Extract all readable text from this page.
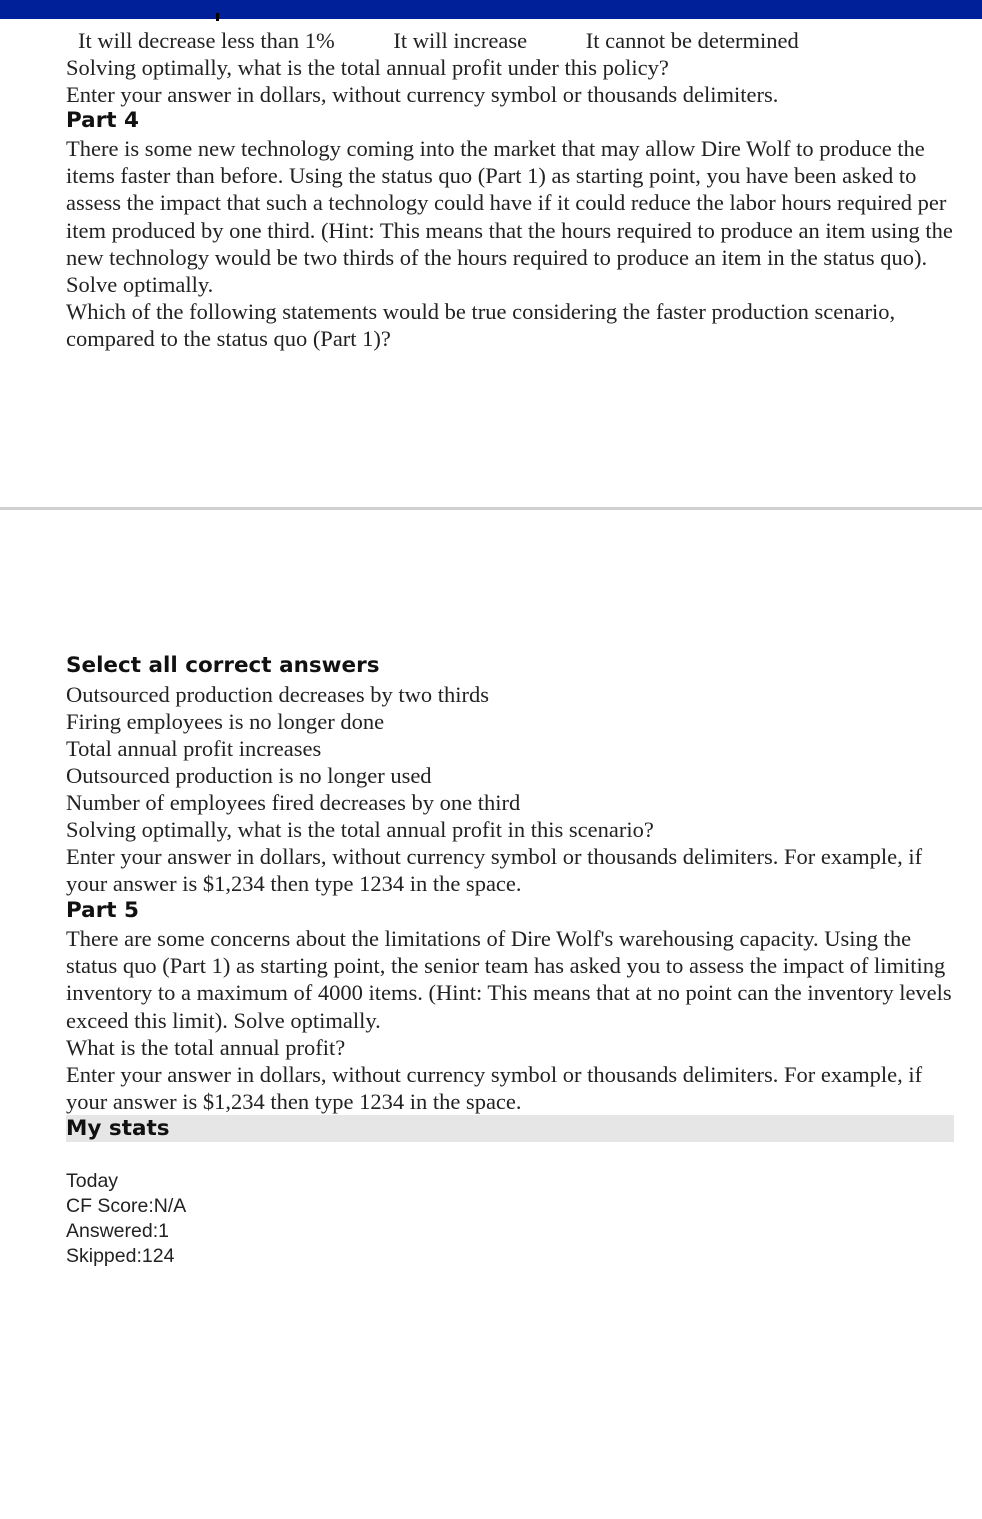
It will decrease less than 1%	It will increase	It cannot be determined
Solving optimally, what is the total annual profit under this policy?
Enter your answer in dollars, without currency symbol or thousands delimiters.
Part 4
There is some new technology coming into the market that may allow Dire Wolf to produce the items faster than before. Using the status quo (Part 1) as starting point, you have been asked to assess the impact that such a technology could have if it could reduce the labor hours required per item produced by one third. (Hint: This means that the hours required to produce an item using the new technology would be two thirds of the hours required to produce an item in the status quo). Solve optimally.
Which of the following statements would be true considering the faster production scenario, compared to the status quo (Part 1)?
Select all correct answers
Outsourced production decreases by two thirds
Firing employees is no longer done
Total annual profit increases
Outsourced production is no longer used
Number of employees fired decreases by one third
Solving optimally, what is the total annual profit in this scenario?
Enter your answer in dollars, without currency symbol or thousands delimiters. For example, if your answer is $1,234 then type 1234 in the space.
Part 5
There are some concerns about the limitations of Dire Wolf's warehousing capacity. Using the status quo (Part 1) as starting point, the senior team has asked you to assess the impact of limiting inventory to a maximum of 4000 items. (Hint: This means that at no point can the inventory levels exceed this limit). Solve optimally.
What is the total annual profit?
Enter your answer in dollars, without currency symbol or thousands delimiters. For example, if your answer is $1,234 then type 1234 in the space.
My stats
Today
CF Score:N/A
Answered:1
Skipped:124
